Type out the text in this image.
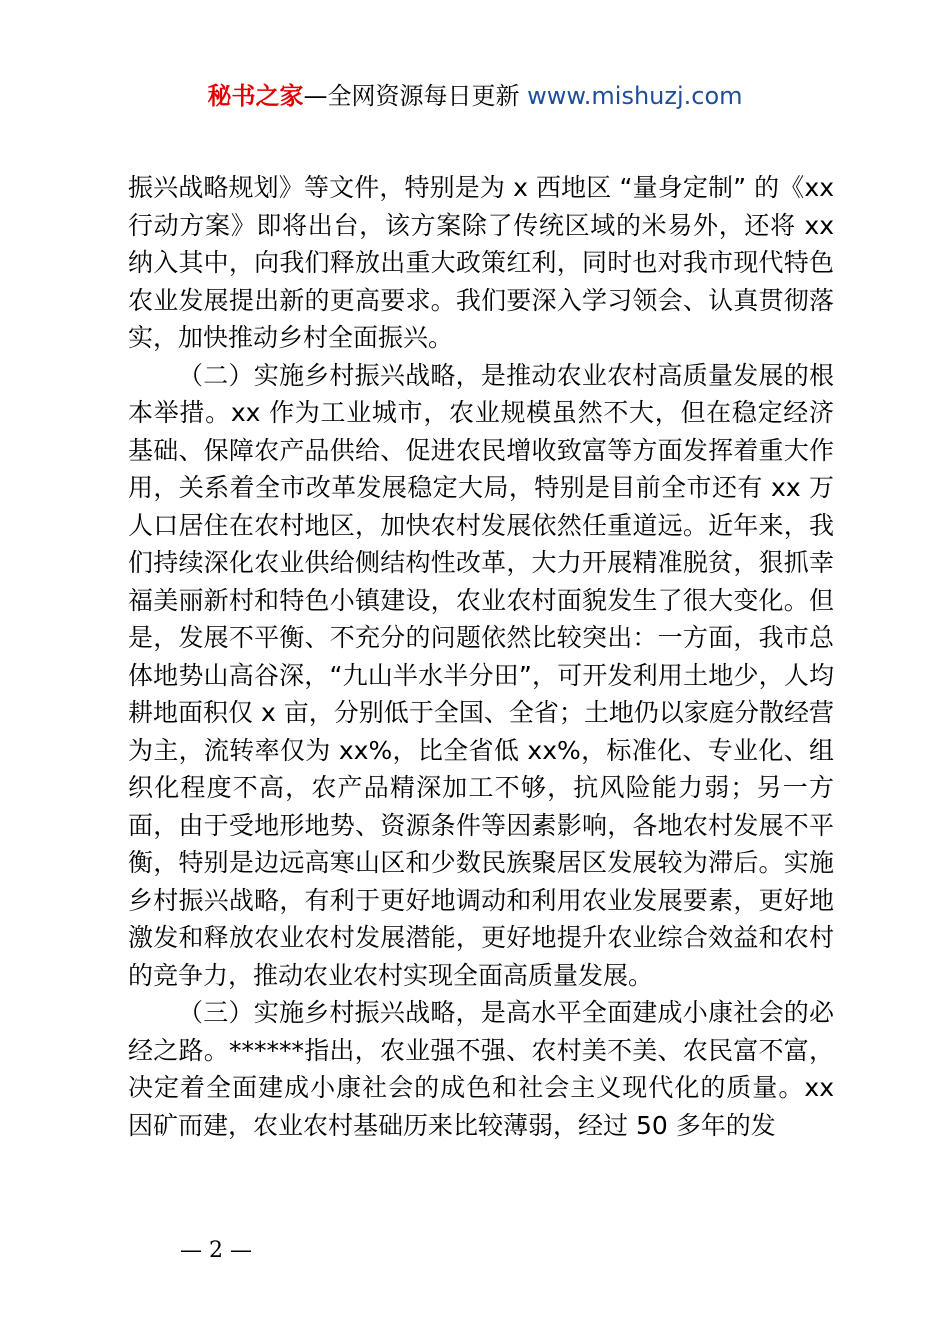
秘书之家—全网资源每日更新 www.mishuzj.com

振兴战略规划》等文件，特别是为 x 西地区 “量身定制” 的《xx 行动方案》即将出台，该方案除了传统区域的米易外，还将 xx 纳入其中，向我们释放出重大政策红利，同时也对我市现代特色农业发展提出新的更高要求。我们要深入学习领会、认真贯彻落实，加快推动乡村全面振兴。

（二）实施乡村振兴战略，是推动农业农村高质量发展的根本举措。xx 作为工业城市，农业规模虽然不大，但在稳定经济基础、保障农产品供给、促进农民增收致富等方面发挥着重大作用，关系着全市改革发展稳定大局，特别是目前全市还有 xx 万人口居住在农村地区，加快农村发展依然任重道远。近年来，我们持续深化农业供给侧结构性改革，大力开展精准脱贫，狠抓幸福美丽新村和特色小镇建设，农业农村面貌发生了很大变化。但是，发展不平衡、不充分的问题依然比较突出：一方面，我市总体地势山高谷深，“九山半水半分田”，可开发利用土地少，人均耕地面积仅 x 亩，分别低于全国、全省；土地仍以家庭分散经营为主，流转率仅为 xx%，比全省低 xx%，标准化、专业化、组织化程度不高，农产品精深加工不够，抗风险能力弱；另一方面，由于受地形地势、资源条件等因素影响，各地农村发展不平衡，特别是边远高寒山区和少数民族聚居区发展较为滞后。实施乡村振兴战略，有利于更好地调动和利用农业发展要素，更好地激发和释放农业农村发展潜能，更好地提升农业综合效益和农村的竞争力，推动农业农村实现全面高质量发展。

（三）实施乡村振兴战略，是高水平全面建成小康社会的必经之路。******指出，农业强不强、农村美不美、农民富不富，决定着全面建成小康社会的成色和社会主义现代化的质量。xx 因矿而建，农业农村基础历来比较薄弱，经过 50 多年的发

— 2 —
